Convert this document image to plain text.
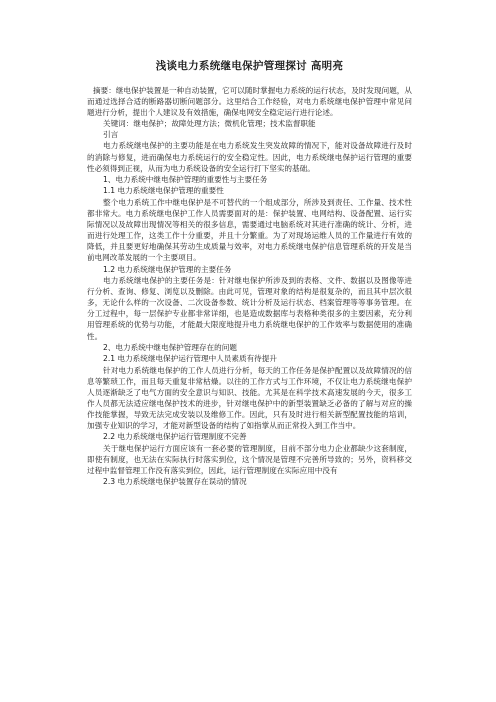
浅谈电力系统继电保护管理探讨 高明亮

摘要：继电保护装置是一种自动装置，它可以随时掌握电力系统的运行状态，及时发现问题，从而通过选择合适的断路器切断问题部分。这里结合工作经验，对电力系统继电保护管理中常见问题进行分析，提出个人建议及有效措施，确保电网安全稳定运行进行论述。

关键词：继电保护；故障处理方法；微机化管理；技术监督职能

引言

电力系统继电保护的主要功能是在电力系统发生突发故障的情况下，能对设备故障进行及时的消除与修复，进而确保电力系统运行的安全稳定性。因此，电力系统继电保护运行管理的重要性必须得到正视，从而为电力系统设备的安全运行打下坚实的基础。

1、电力系统中继电保护管理的重要性与主要任务

1.1 电力系统继电保护管理的重要性

整个电力系统工作中继电保护是不可替代的一个组成部分，所涉及到责任、工作量、技术性都非常大。电力系统继电保护工作人员需要面对的是：保护装置、电网结构、设备配置、运行实际情况以及故障出现情况等相关的很多信息，需要通过电脑系统对其进行准确的统计、分析，进而进行处理工作，这类工作十分重要，并且十分繁重。为了对现场运维人员的工作量进行有效的降低，并且要更好地确保其劳动生成质量与效率，对电力系统继电保护信息管理系统的开发是当前电网改革发展的一个主要项目。

1.2 电力系统继电保护管理的主要任务

电力系统继电保护的主要任务是：针对继电保护所涉及到的表格、文件、数据以及图像等进行分析、查询、修复、浏览以及删除。由此可见，管理对象的结构是很复杂的，而且其中层次很多，无论什么样的一次设备、二次设备参数、统计分析及运行状态、档案管理等等事务管理。在分工过程中，每一层保护专业都非常详细，也是造成数据库与表格种类很多的主要因素，充分利用管理系统的优势与功能，才能最大限度地提升电力系统继电保护的工作效率与数据使用的准确性。

2、电力系统中继电保护管理存在的问题

2.1 电力系统继电保护运行管理中人员素质有待提升

针对电力系统继电保护的工作人员进行分析，每天的工作任务是保护配置以及故障情况的信息等繁琐工作，而且每天重复非常枯燥。以往的工作方式与工作环境，不仅让电力系统继电保护人员逐渐缺乏了电气方面的安全意识与知识、技能。尤其是在科学技术高速发展的今天，很多工作人员都无法适应继电保护技术的进步，针对继电保护中的新型装置缺乏必备的了解与对应的操作技能掌握，导致无法完成安装以及维修工作。因此，只有及时进行相关新型配置技能的培训，加强专业知识的学习，才能对新型设备的结构了如指掌从而正常投入到工作当中。

2.2 电力系统继电保护运行管理制度不完善

关于继电保护运行方面应该有一套必要的管理制度，目前不部分电力企业都缺少这套制度，即使有制度，也无法在实际执行时落实到位，这个情况是管理不完善所导致的；另外，资料移交过程中监督管理工作没有落实到位，因此，运行管理制度在实际应用中没有

2.3 电力系统继电保护装置存在误动的情况
